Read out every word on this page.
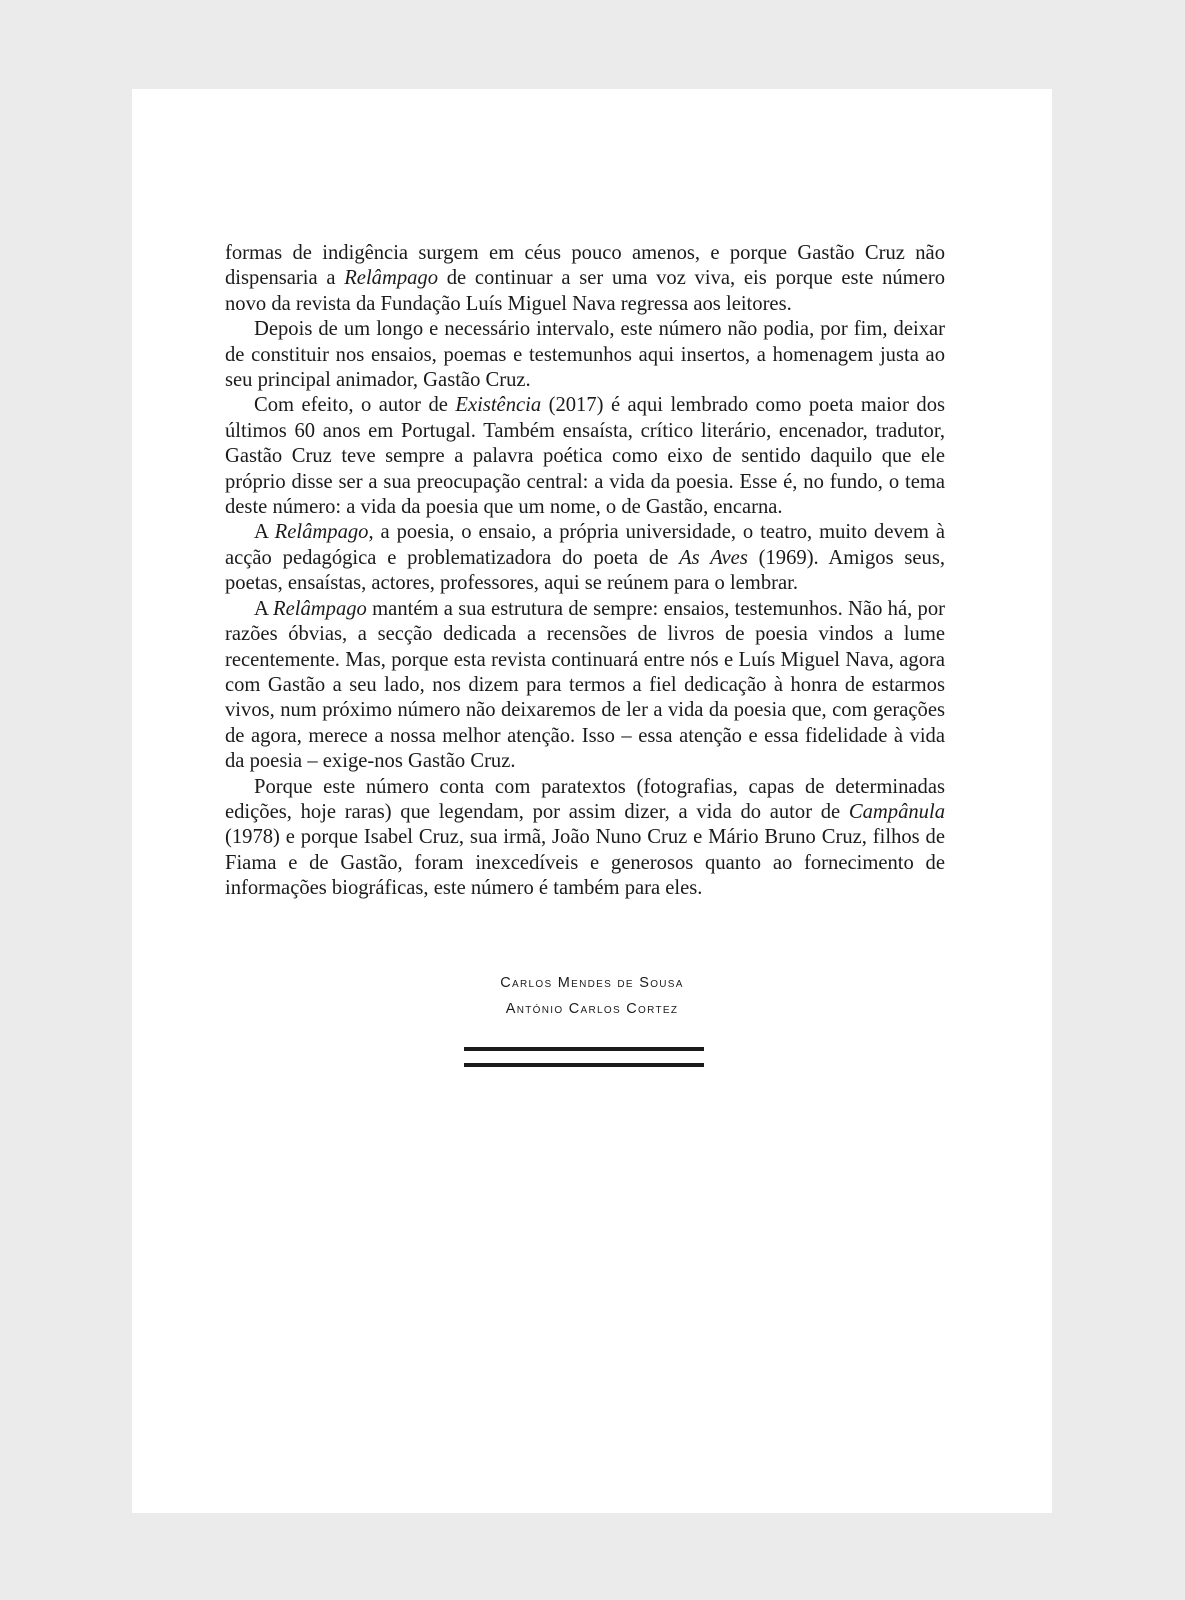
formas de indigência surgem em céus pouco amenos, e porque Gastão Cruz não dispensaria a Relâmpago de continuar a ser uma voz viva, eis porque este número novo da revista da Fundação Luís Miguel Nava regressa aos leitores.

Depois de um longo e necessário intervalo, este número não podia, por fim, deixar de constituir nos ensaios, poemas e testemunhos aqui insertos, a homenagem justa ao seu principal animador, Gastão Cruz.

Com efeito, o autor de Existência (2017) é aqui lembrado como poeta maior dos últimos 60 anos em Portugal. Também ensaísta, crítico literário, encenador, tradutor, Gastão Cruz teve sempre a palavra poética como eixo de sentido daquilo que ele próprio disse ser a sua preocupação central: a vida da poesia. Esse é, no fundo, o tema deste número: a vida da poesia que um nome, o de Gastão, encarna.

A Relâmpago, a poesia, o ensaio, a própria universidade, o teatro, muito devem à acção pedagógica e problematizadora do poeta de As Aves (1969). Amigos seus, poetas, ensaístas, actores, professores, aqui se reúnem para o lembrar.

A Relâmpago mantém a sua estrutura de sempre: ensaios, testemunhos. Não há, por razões óbvias, a secção dedicada a recensões de livros de poesia vindos a lume recentemente. Mas, porque esta revista continuará entre nós e Luís Miguel Nava, agora com Gastão a seu lado, nos dizem para termos a fiel dedicação à honra de estarmos vivos, num próximo número não deixaremos de ler a vida da poesia que, com gerações de agora, merece a nossa melhor atenção. Isso – essa atenção e essa fidelidade à vida da poesia – exige-nos Gastão Cruz.

Porque este número conta com paratextos (fotografias, capas de determinadas edições, hoje raras) que legendam, por assim dizer, a vida do autor de Campânula (1978) e porque Isabel Cruz, sua irmã, João Nuno Cruz e Mário Bruno Cruz, filhos de Fiama e de Gastão, foram inexcedíveis e generosos quanto ao fornecimento de informações biográficas, este número é também para eles.

Carlos Mendes de Sousa
António Carlos Cortez
